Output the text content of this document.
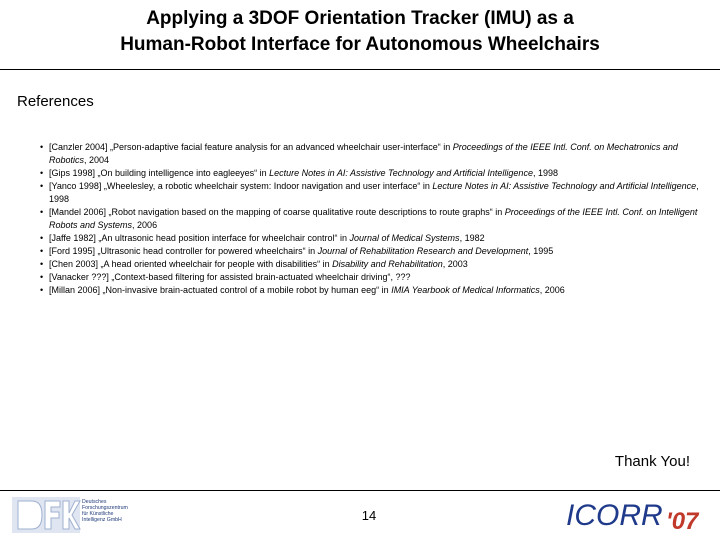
Applying a 3DOF Orientation Tracker (IMU) as a
Human-Robot Interface for Autonomous Wheelchairs
References
• [Canzler 2004] „Person-adaptive facial feature analysis for an advanced wheelchair user-interface“ in Proceedings of the IEEE Intl. Conf. on Mechatronics and Robotics, 2004
• [Gips 1998] „On building intelligence into eagleeyes“ in Lecture Notes in AI: Assistive Technology and Artificial Intelligence, 1998
• [Yanco 1998] „Wheelesley, a robotic wheelchair system: Indoor navigation and user interface“ in Lecture Notes in AI: Assistive Technology and Artificial Intelligence, 1998
• [Mandel 2006] „Robot navigation based on the mapping of coarse qualitative route descriptions to route graphs“ in Proceedings of the IEEE Intl. Conf. on Intelligent Robots and Systems, 2006
• [Jaffe 1982] „An ultrasonic head position interface for wheelchair control“ in Journal of Medical Systems, 1982
• [Ford 1995] „Ultrasonic head controller for powered wheelchairs“ in Journal of Rehabilitation Research and Development, 1995
• [Chen 2003] „A head oriented wheelchair for people with disabilities“ in Disability and Rehabilitation, 2003
• [Vanacker ???] „Context-based filtering for assisted brain-actuated wheelchair driving“, ???
• [Millan 2006] „Non-invasive brain-actuated control of a mobile robot by human eeg“ in IMIA Yearbook of Medical Informatics, 2006
Thank You!
Deutsches
Forschungszentrum
für Künstliche
Intelligenz GmbH	14	ICORR '07
